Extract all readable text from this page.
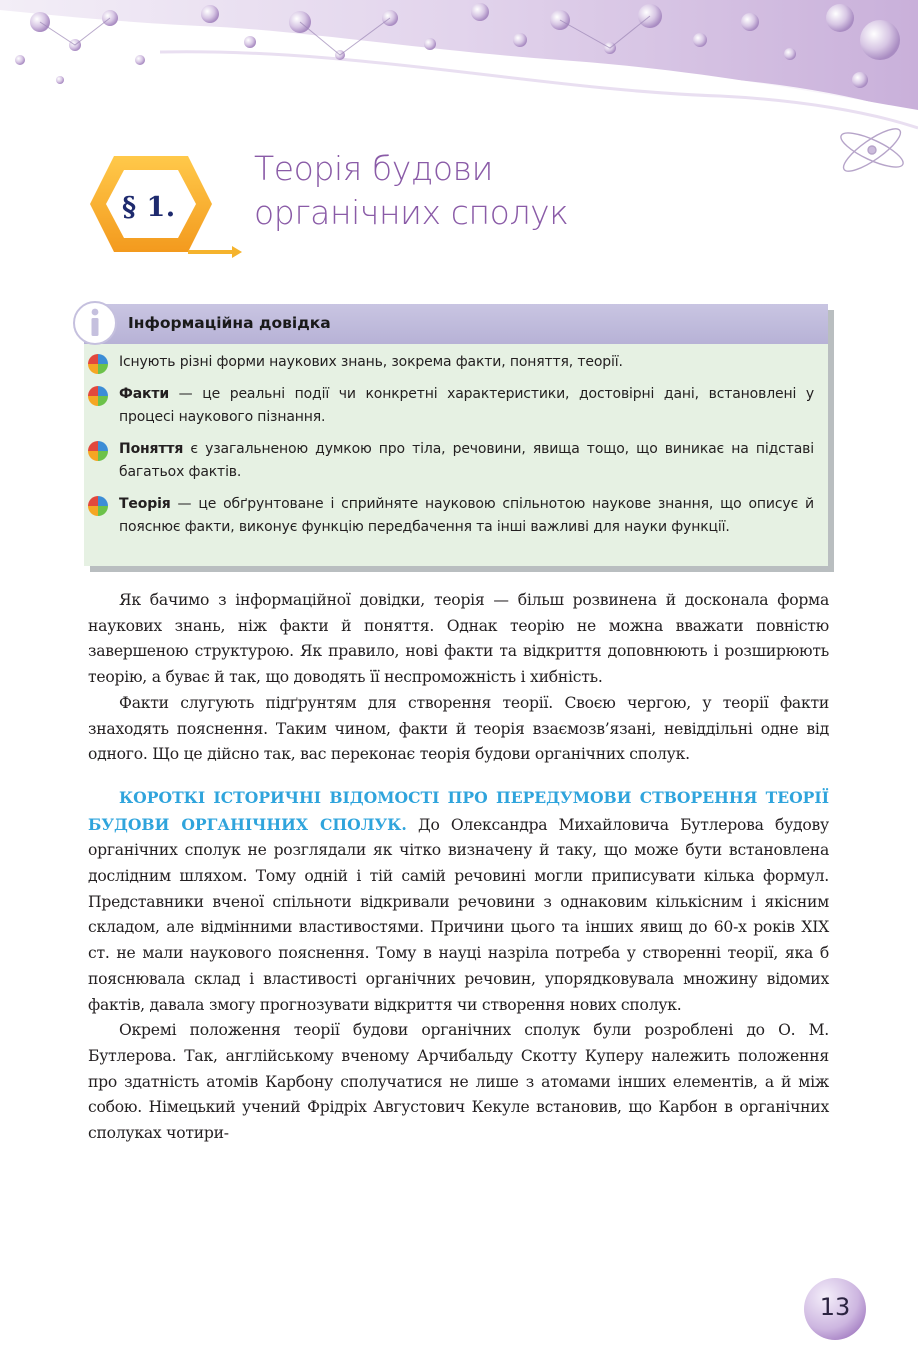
§ 1.
Теорія будови
органічних сполук
Інформаційна довідка

Існують різні форми наукових знань, зокрема факти, поняття, теорії.

Факти — це реальні події чи конкретні характеристики, достовірні дані, встановлені у процесі наукового пізнання.

Поняття є узагальненою думкою про тіла, речовини, явища тощо, що виникає на підставі багатьох фактів.

Теорія — це обґрунтоване і сприйняте науковою спільнотою наукове знання, що описує й пояснює факти, виконує функцію передбачення та інші важливі для науки функції.

Як бачимо з інформаційної довідки, теорія — більш розвинена й досконала форма наукових знань, ніж факти й поняття. Однак теорію не можна вважати повністю завершеною структурою. Як правило, нові факти та відкриття доповнюють і розширюють теорію, а буває й так, що доводять її неспроможність і хибність.

Факти слугують підґрунтям для створення теорії. Своєю чергою, у теорії факти знаходять пояснення. Таким чином, факти й теорія взаємозв’язані, невіддільні одне від одного. Що це дійсно так, вас переконає теорія будови органічних сполук.

КОРОТКІ ІСТОРИЧНІ ВІДОМОСТІ ПРО ПЕРЕДУМОВИ СТВОРЕННЯ ТЕОРІЇ БУДОВИ ОРГАНІЧНИХ СПОЛУК. До Олександра Михайловича Бутлерова будову органічних сполук не розглядали як чітко визначену й таку, що може бути встановлена дослідним шляхом. Тому одній і тій самій речовині могли приписувати кілька формул. Представники вченої спільноти відкривали речовини з однаковим кількісним і якісним складом, але відмінними властивостями. Причини цього та інших явищ до 60-х років XIX ст. не мали наукового пояснення. Тому в науці назріла потреба у створенні теорії, яка б пояснювала склад і властивості органічних речовин, упорядковувала множину відомих фактів, давала змогу прогнозувати відкриття чи створення нових сполук.

Окремі положення теорії будови органічних сполук були розроблені до О. М. Бутлерова. Так, англійському вченому Арчибальду Скотту Куперу належить положення про здатність атомів Карбону сполучатися не лише з атомами інших елементів, а й між собою. Німецький учений Фрідріх Августович Кекуле встановив, що Карбон в органічних сполуках чотири-

13
